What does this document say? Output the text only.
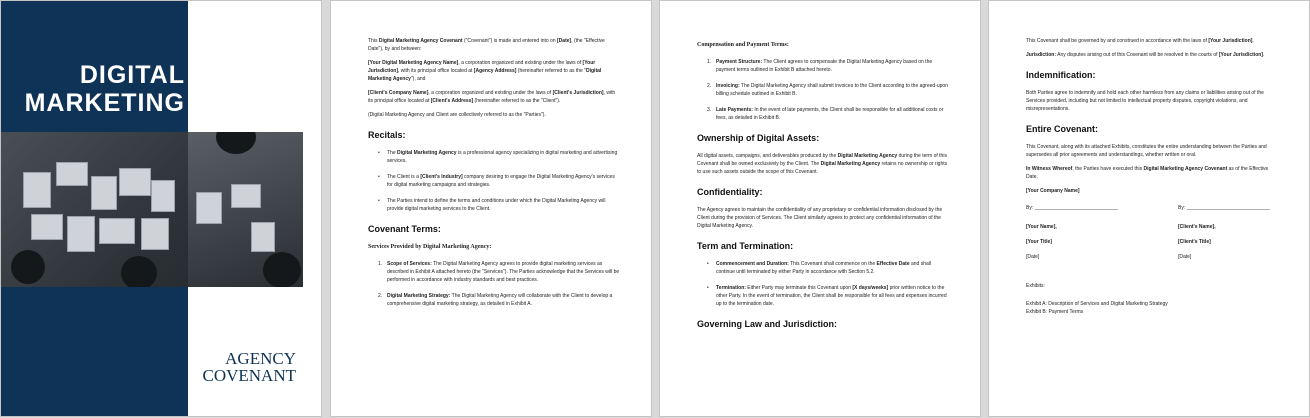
DIGITAL
MARKETING
AGENCY
COVENANT

This Digital Marketing Agency Covenant ("Covenant") is made and entered into on [Date], (the "Effective Date"), by and between:

[Your Digital Marketing Agency Name], a corporation organized and existing under the laws of [Your Jurisdiction], with its principal office located at [Agency Address] (hereinafter referred to as the "Digital Marketing Agency"), and

[Client's Company Name], a corporation organized and existing under the laws of [Client's Jurisdiction], with its principal office located at [Client's Address] (hereinafter referred to as the "Client").

(Digital Marketing Agency and Client are collectively referred to as the "Parties").

Recitals:
• The Digital Marketing Agency is a professional agency specializing in digital marketing and advertising services.
• The Client is a [Client's Industry] company desiring to engage the Digital Marketing Agency's services for digital marketing campaigns and strategies.
• The Parties intend to define the terms and conditions under which the Digital Marketing Agency will provide digital marketing services to the Client.
Covenant Terms:
Services Provided by Digital Marketing Agency:
1. Scope of Services: The Digital Marketing Agency agrees to provide digital marketing services as described in Exhibit A attached hereto (the "Services"). The Parties acknowledge that the Services will be performed in accordance with industry standards and best practices.
2. Digital Marketing Strategy: The Digital Marketing Agency will collaborate with the Client to develop a comprehensive digital marketing strategy, as detailed in Exhibit A.
Compensation and Payment Terms:
1. Payment Structure: The Client agrees to compensate the Digital Marketing Agency based on the payment terms outlined in Exhibit B attached hereto.
2. Invoicing: The Digital Marketing Agency shall submit invoices to the Client according to the agreed-upon billing schedule outlined in Exhibit B.
3. Late Payments: In the event of late payments, the Client shall be responsible for all additional costs or fees, as detailed in Exhibit B.
Ownership of Digital Assets:

All digital assets, campaigns, and deliverables produced by the Digital Marketing Agency during the term of this Covenant shall be owned exclusively by the Client. The Digital Marketing Agency retains no ownership or rights to use such assets outside the scope of this Covenant.

Confidentiality:

The Agency agrees to maintain the confidentiality of any proprietary or confidential information disclosed by the Client during the provision of Services. The Client similarly agrees to protect any confidential information of the Digital Marketing Agency.

Term and Termination:
• Commencement and Duration: This Covenant shall commence on the Effective Date and shall continue until terminated by either Party in accordance with Section 5.2.
• Termination: Either Party may terminate this Covenant upon [X days/weeks] prior written notice to the other Party. In the event of termination, the Client shall be responsible for all fees and expenses incurred up to the termination date.
Governing Law and Jurisdiction:

This Covenant shall be governed by and construed in accordance with the laws of [Your Jurisdiction].

Jurisdiction: Any disputes arising out of this Covenant will be resolved in the courts of [Your Jurisdiction].

Indemnification:

Both Parties agree to indemnify and hold each other harmless from any claims or liabilities arising out of the Services provided, including but not limited to intellectual property disputes, copyright violations, and misrepresentations.

Entire Covenant:

This Covenant, along with its attached Exhibits, constitutes the entire understanding between the Parties and supersedes all prior agreements and understandings, whether written or oral.

In Witness Whereof, the Parties have executed this Digital Marketing Agency Covenant as of the Effective Date.

[Your Company Name]

By: ______________________________	By: ______________________________
[Your Name],	[Client's Name],
[Your Title]	[Client's Title]
[Date]	[Date]

Exhibits:

Exhibit A: Description of Services and Digital Marketing Strategy
Exhibit B: Payment Terms
